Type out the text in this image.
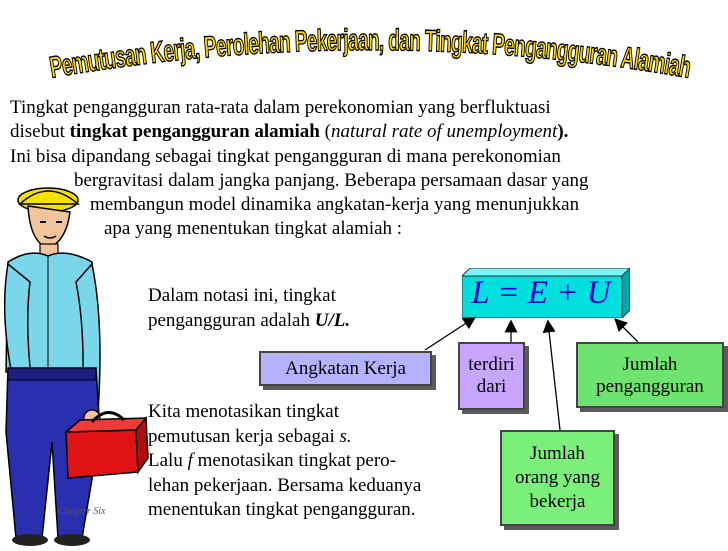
Pemutusan Kerja, Perolehan Pekerjaan, dan Tingkat Pengangguran Alamiah
Chapter Six
Tingkat pengangguran rata-rata dalam perekonomian yang berfluktuasi
disebut tingkat pengangguran alamiah (natural rate of unemployment).
Ini bisa dipandang sebagai tingkat pengangguran di mana perekonomian
bergravitasi dalam jangka panjang. Beberapa persamaan dasar yang
membangun model dinamika angkatan-kerja yang menunjukkan
apa yang menentukan tingkat alamiah :
L = E + U
Dalam notasi ini, tingkat
pengangguran adalah U/L.
Kita menotasikan tingkat
pemutusan kerja sebagai s.
Lalu f menotasikan tingkat pero-
lehan pekerjaan. Bersama keduanya
menentukan tingkat pengangguran.
Angkatan Kerja	terdiri
dari
Jumlah
pengangguran
Jumlah
orang yang
bekerja
